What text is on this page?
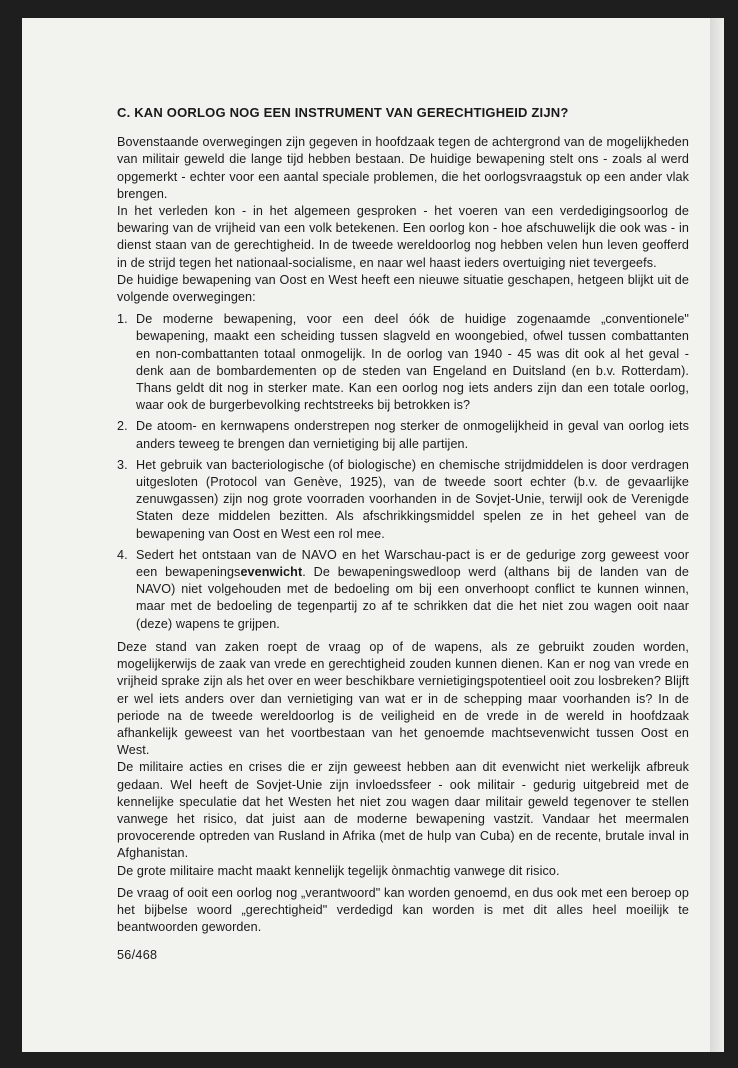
C. KAN OORLOG NOG EEN INSTRUMENT VAN GERECHTIGHEID ZIJN?

Bovenstaande overwegingen zijn gegeven in hoofdzaak tegen de achtergrond van de mogelijkheden van militair geweld die lange tijd hebben bestaan. De huidige bewapening stelt ons - zoals al werd opgemerkt - echter voor een aantal speciale problemen, die het oorlogsvraagstuk op een ander vlak brengen.

In het verleden kon - in het algemeen gesproken - het voeren van een verdedigingsoorlog de bewaring van de vrijheid van een volk betekenen. Een oorlog kon - hoe afschuwelijk die ook was - in dienst staan van de gerechtigheid. In de tweede wereldoorlog nog hebben velen hun leven geofferd in de strijd tegen het nationaal-socialisme, en naar wel haast ieders overtuiging niet tevergeefs.

De huidige bewapening van Oost en West heeft een nieuwe situatie geschapen, hetgeen blijkt uit de volgende overwegingen:

1. De moderne bewapening, voor een deel óók de huidige zogenaamde „conventionele" bewapening, maakt een scheiding tussen slagveld en woongebied, ofwel tussen combattanten en non-combattanten totaal onmogelijk. In de oorlog van 1940 - 45 was dit ook al het geval - denk aan de bombardementen op de steden van Engeland en Duitsland (en b.v. Rotterdam). Thans geldt dit nog in sterker mate. Kan een oorlog nog iets anders zijn dan een totale oorlog, waar ook de burgerbevolking rechtstreeks bij betrokken is?
2. De atoom- en kernwapens onderstrepen nog sterker de onmogelijkheid in geval van oorlog iets anders teweeg te brengen dan vernietiging bij alle partijen.
3. Het gebruik van bacteriologische (of biologische) en chemische strijdmiddelen is door verdragen uitgesloten (Protocol van Genève, 1925), van de tweede soort echter (b.v. de gevaarlijke zenuwgassen) zijn nog grote voorraden voorhanden in de Sovjet-Unie, terwijl ook de Verenigde Staten deze middelen bezitten. Als afschrikkingsmiddel spelen ze in het geheel van de bewapening van Oost en West een rol mee.
4. Sedert het ontstaan van de NAVO en het Warschau-pact is er de gedurige zorg geweest voor een bewapeningsevenwicht. De bewapeningswedloop werd (althans bij de landen van de NAVO) niet volgehouden met de bedoeling om bij een onverhoopt conflict te kunnen winnen, maar met de bedoeling de tegenpartij zo af te schrikken dat die het niet zou wagen ooit naar (deze) wapens te grijpen.

Deze stand van zaken roept de vraag op of de wapens, als ze gebruikt zouden worden, mogelijkerwijs de zaak van vrede en gerechtigheid zouden kunnen dienen. Kan er nog van vrede en vrijheid sprake zijn als het over en weer beschikbare vernietigingspotentieel ooit zou losbreken? Blijft er wel iets anders over dan vernietiging van wat er in de schepping maar voorhanden is? In de periode na de tweede wereldoorlog is de veiligheid en de vrede in de wereld in hoofdzaak afhankelijk geweest van het voortbestaan van het genoemde machtsevenwicht tussen Oost en West.

De militaire acties en crises die er zijn geweest hebben aan dit evenwicht niet werkelijk afbreuk gedaan. Wel heeft de Sovjet-Unie zijn invloedssfeer - ook militair - gedurig uitgebreid met de kennelijke speculatie dat het Westen het niet zou wagen daar militair geweld tegenover te stellen vanwege het risico, dat juist aan de moderne bewapening vastzit. Vandaar het meermalen provocerende optreden van Rusland in Afrika (met de hulp van Cuba) en de recente, brutale inval in Afghanistan.

De grote militaire macht maakt kennelijk tegelijk ònmachtig vanwege dit risico.

De vraag of ooit een oorlog nog „verantwoord" kan worden genoemd, en dus ook met een beroep op het bijbelse woord „gerechtigheid" verdedigd kan worden is met dit alles heel moeilijk te beantwoorden geworden.

56/468
